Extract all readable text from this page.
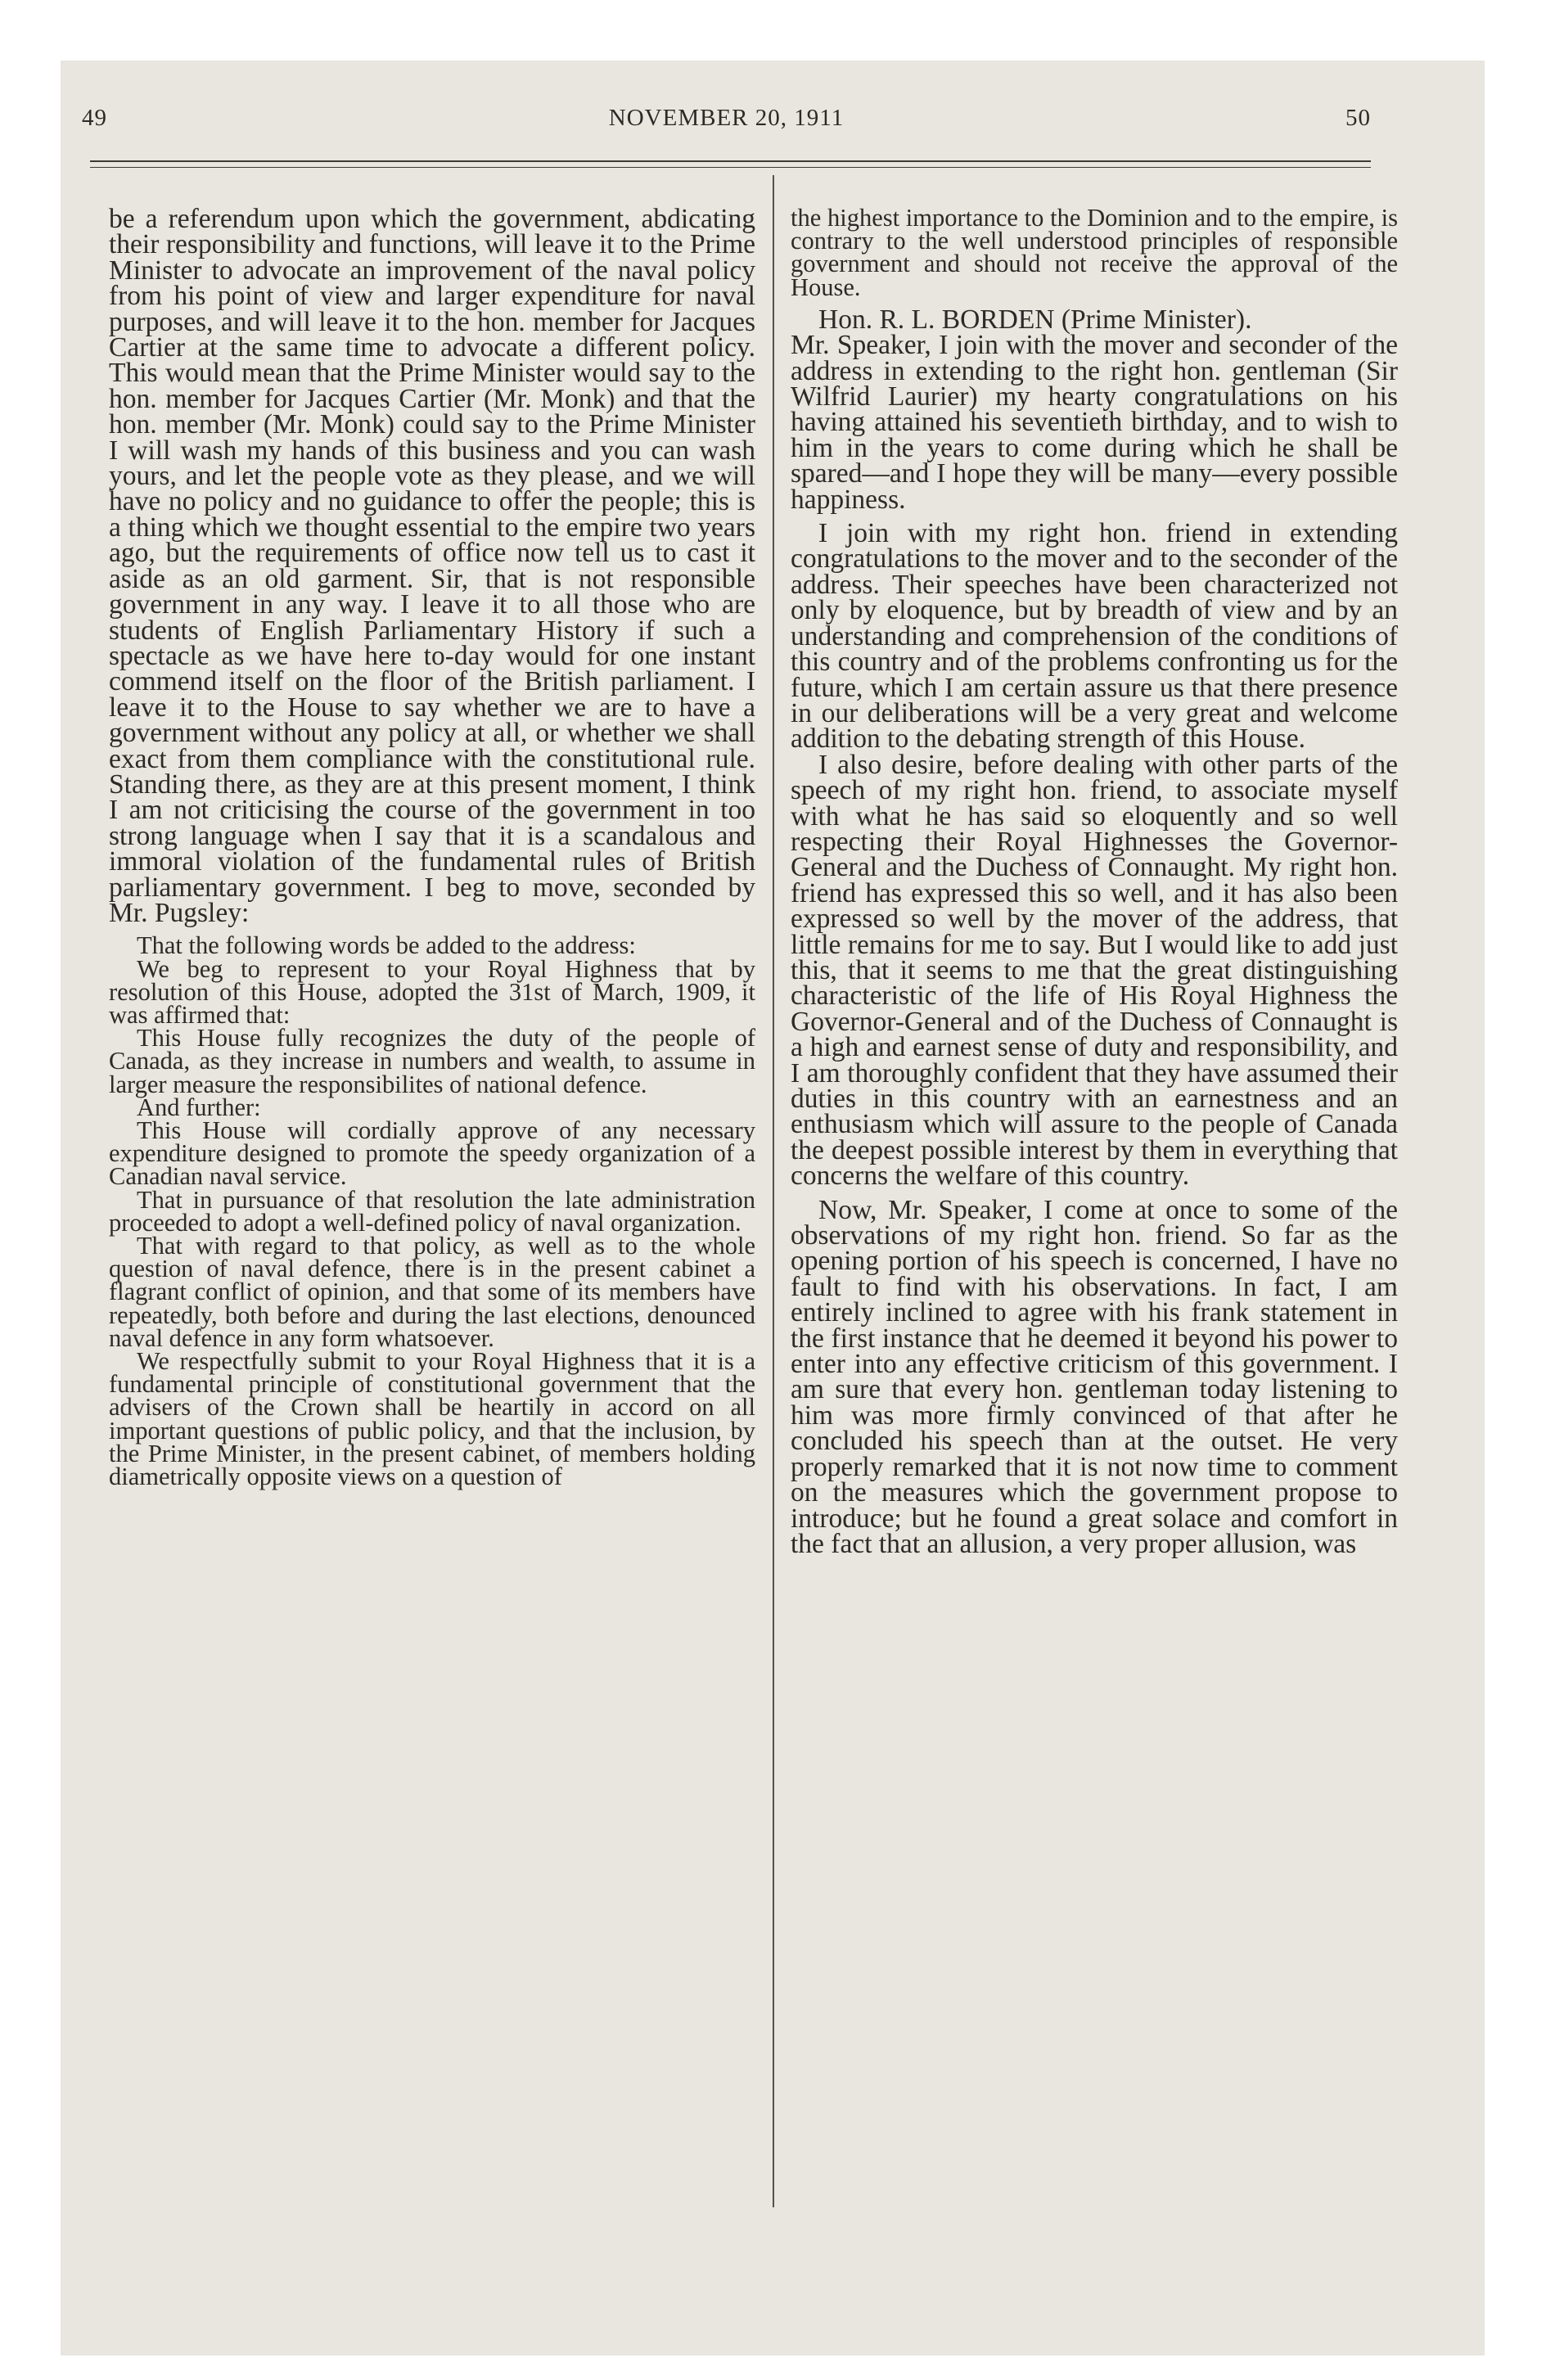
49	NOVEMBER 20, 1911	50

be a referendum upon which the government, abdicating their responsibility and functions, will leave it to the Prime Minister to advocate an improvement of the naval policy from his point of view and larger expenditure for naval purposes, and will leave it to the hon. member for Jacques Cartier at the same time to advocate a different policy. This would mean that the Prime Minister would say to the hon. member for Jacques Cartier (Mr. Monk) and that the hon. member (Mr. Monk) could say to the Prime Minister I will wash my hands of this business and you can wash yours, and let the people vote as they please, and we will have no policy and no guidance to offer the people; this is a thing which we thought essential to the empire two years ago, but the requirements of office now tell us to cast it aside as an old garment. Sir, that is not responsible government in any way. I leave it to all those who are students of English Parliamentary History if such a spectacle as we have here to-day would for one instant commend itself on the floor of the British parliament. I leave it to the House to say whether we are to have a government without any policy at all, or whether we shall exact from them compliance with the constitutional rule. Standing there, as they are at this present moment, I think I am not criticising the course of the government in too strong language when I say that it is a scandalous and immoral violation of the fundamental rules of British parliamentary government. I beg to move, seconded by Mr. Pugsley:

That the following words be added to the address:

We beg to represent to your Royal Highness that by resolution of this House, adopted the 31st of March, 1909, it was affirmed that:

This House fully recognizes the duty of the people of Canada, as they increase in numbers and wealth, to assume in larger measure the responsibilites of national defence.

And further:

This House will cordially approve of any necessary expenditure designed to promote the speedy organization of a Canadian naval service.

That in pursuance of that resolution the late administration proceeded to adopt a well-defined policy of naval organization.

That with regard to that policy, as well as to the whole question of naval defence, there is in the present cabinet a flagrant conflict of opinion, and that some of its members have repeatedly, both before and during the last elections, denounced naval defence in any form whatsoever.

We respectfully submit to your Royal Highness that it is a fundamental principle of constitutional government that the advisers of the Crown shall be heartily in accord on all important questions of public policy, and that the inclusion, by the Prime Minister, in the present cabinet, of members holding diametrically opposite views on a question of

the highest importance to the Dominion and to the empire, is contrary to the well understood principles of responsible government and should not receive the approval of the House.

Hon. R. L. BORDEN (Prime Minister).

Mr. Speaker, I join with the mover and seconder of the address in extending to the right hon. gentleman (Sir Wilfrid Laurier) my hearty congratulations on his having attained his seventieth birthday, and to wish to him in the years to come during which he shall be spared—and I hope they will be many—every possible happiness.

I join with my right hon. friend in extending congratulations to the mover and to the seconder of the address. Their speeches have been characterized not only by eloquence, but by breadth of view and by an understanding and comprehension of the conditions of this country and of the problems confronting us for the future, which I am certain assure us that there presence in our deliberations will be a very great and welcome addition to the debating strength of this House.

I also desire, before dealing with other parts of the speech of my right hon. friend, to associate myself with what he has said so eloquently and so well respecting their Royal Highnesses the Governor-General and the Duchess of Connaught. My right hon. friend has expressed this so well, and it has also been expressed so well by the mover of the address, that little remains for me to say. But I would like to add just this, that it seems to me that the great distinguishing characteristic of the life of His Royal Highness the Governor-General and of the Duchess of Connaught is a high and earnest sense of duty and responsibility, and I am thoroughly confident that they have assumed their duties in this country with an earnestness and an enthusiasm which will assure to the people of Canada the deepest possible interest by them in everything that concerns the welfare of this country.

Now, Mr. Speaker, I come at once to some of the observations of my right hon. friend. So far as the opening portion of his speech is concerned, I have no fault to find with his observations. In fact, I am entirely inclined to agree with his frank statement in the first instance that he deemed it beyond his power to enter into any effective criticism of this government. I am sure that every hon. gentleman today listening to him was more firmly convinced of that after he concluded his speech than at the outset. He very properly remarked that it is not now time to comment on the measures which the government propose to introduce; but he found a great solace and comfort in the fact that an allusion, a very proper allusion, was
